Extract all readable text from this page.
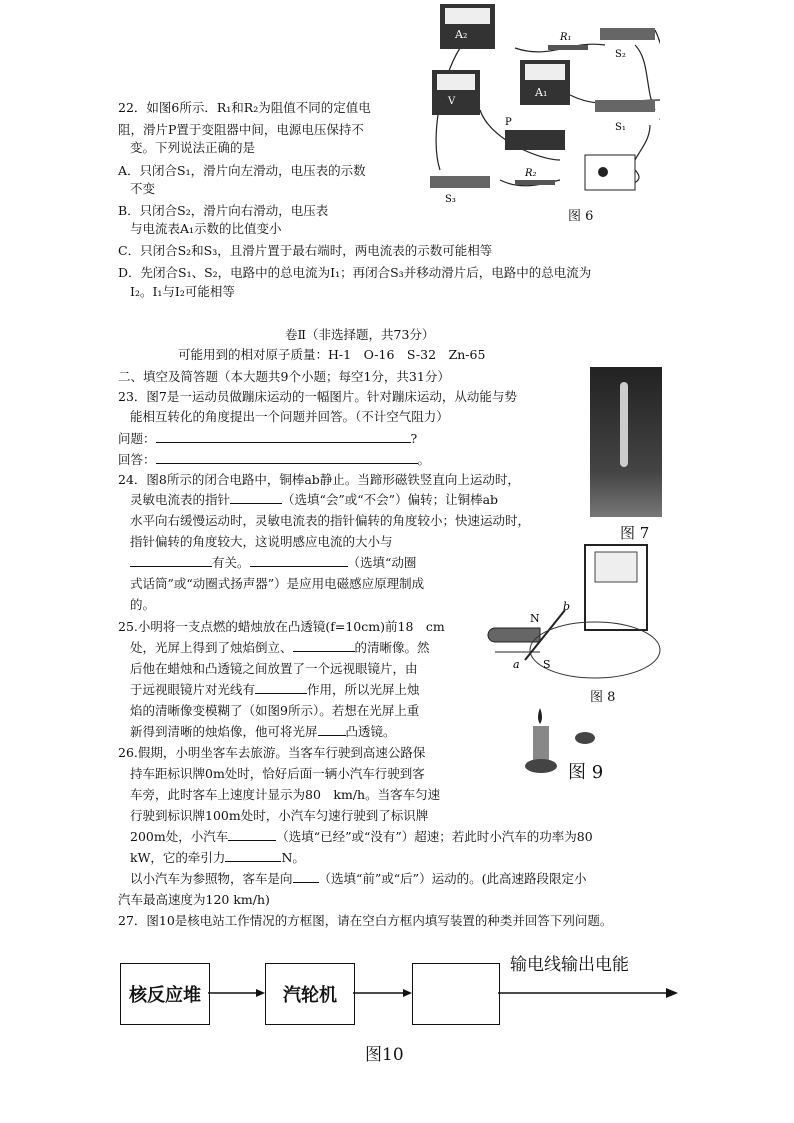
22．如图6所示．R₁和R₂为阻值不同的定值电
阻，滑片P置于变阻器中间，电源电压保持不
变。下列说法正确的是
A．只闭合S₁，滑片向左滑动，电压表的示数
不变
B．只闭合S₂，滑片向右滑动，电压表
与电流表A₁示数的比值变小
C．只闭合S₂和S₃，且滑片置于最右端时，两电流表的示数可能相等
D．先闭合S₁、S₂，电路中的总电流为I₁；再闭合S₃并移动滑片后，电路中的总电流为
I₂。I₁与I₂可能相等
A₂
V
A₁
R₁
S₂
S₁
P
S₃
R₂
图 6
卷Ⅱ（非选择题，共73分）
可能用到的相对原子质量：H-1　O-16　S-32　Zn-65
二、填空及简答题（本大题共9个小题；每空1分，共31分）
23．图7是一运动员做蹦床运动的一幅图片。针对蹦床运动，从动能与势
能相互转化的角度提出一个问题并回答。（不计空气阻力）
问题：	?
回答：	。
图 7
24．图8所示的闭合电路中，铜棒ab静止。当蹄形磁铁竖直向上运动时，
灵敏电流表的指针	（选填“会”或“不会”）偏转；让铜棒ab
水平向右缓慢运动时，灵敏电流表的指针偏转的角度较小；快速运动时，
指针偏转的角度较大，这说明感应电流的大小与
有关。	（选填“动圈
式话筒”或“动圈式扬声器”）是应用电磁感应原理制成
的。
N
S
a
b
图 8
25.小明将一支点燃的蜡烛放在凸透镜(f=10cm)前18　cm
处，光屏上得到了烛焰倒立、	的清晰像。然
后他在蜡烛和凸透镜之间放置了一个远视眼镜片，由
于远视眼镜片对光线有	作用，所以光屏上烛
焰的清晰像变模糊了（如图9所示）。若想在光屏上重
新得到清晰的烛焰像，他可将光屏 凸透镜。
图 9
26.假期，小明坐客车去旅游。当客车行驶到高速公路保
持车距标识牌0m处时，恰好后面一辆小汽车行驶到客
车旁，此时客车上速度计显示为80　km/h。当客车匀速
行驶到标识牌100m处时，小汽车匀速行驶到了标识牌
200m处，小汽车	（选填“已经”或“没有”）超速；若此时小汽车的功率为80
kW，它的牵引力	N。
以小汽车为参照物，客车是向 （选填“前”或“后”）运动的。(此高速路段限定小
汽车最高速度为120 km/h)
27．图10是核电站工作情况的方框图，请在空白方框内填写装置的种类并回答下列问题。
核反应堆	汽轮机
输电线输出电能
图10
